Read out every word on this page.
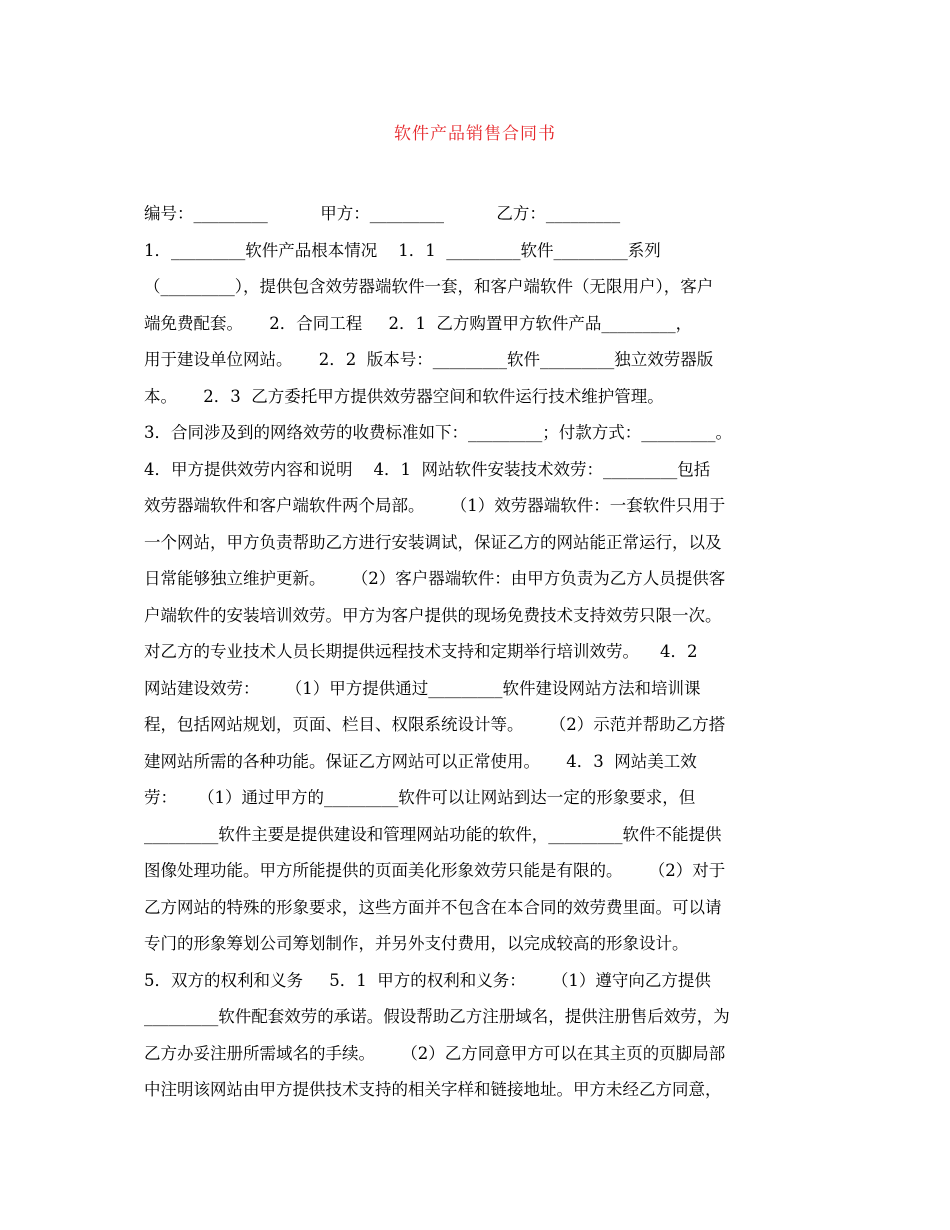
软件产品销售合同书
编号：_________          甲方：_________          乙方：_________
1．_________软件产品根本情况    1．1  _________软件_________系列
（_________），提供包含效劳器端软件一套，和客户端软件（无限用户），客户
端免费配套。     2．合同工程     2．1  乙方购置甲方软件产品_________，
用于建设单位网站。     2．2  版本号：_________软件_________独立效劳器版
本。     2．3  乙方委托甲方提供效劳器空间和软件运行技术维护管理。
3．合同涉及到的网络效劳的收费标准如下：_________；付款方式：_________。
4．甲方提供效劳内容和说明    4．1  网站软件安装技术效劳：_________包括
效劳器端软件和客户端软件两个局部。     （1）效劳器端软件：一套软件只用于
一个网站，甲方负责帮助乙方进行安装调试，保证乙方的网站能正常运行，以及
日常能够独立维护更新。     （2）客户器端软件：由甲方负责为乙方人员提供客
户端软件的安装培训效劳。甲方为客户提供的现场免费技术支持效劳只限一次。
对乙方的专业技术人员长期提供远程技术支持和定期举行培训效劳。    4．2
网站建设效劳：     （1）甲方提供通过_________软件建设网站方法和培训课
程，包括网站规划，页面、栏目、权限系统设计等。     （2）示范并帮助乙方搭
建网站所需的各种功能。保证乙方网站可以正常使用。     4．3  网站美工效
劳：    （1）通过甲方的_________软件可以让网站到达一定的形象要求，但
_________软件主要是提供建设和管理网站功能的软件，_________软件不能提供
图像处理功能。甲方所能提供的页面美化形象效劳只能是有限的。     （2）对于
乙方网站的特殊的形象要求，这些方面并不包含在本合同的效劳费里面。可以请
专门的形象筹划公司筹划制作，并另外支付费用，以完成较高的形象设计。
5．双方的权利和义务     5．1  甲方的权利和义务：     （1）遵守向乙方提供
_________软件配套效劳的承诺。假设帮助乙方注册域名，提供注册售后效劳，为
乙方办妥注册所需域名的手续。     （2）乙方同意甲方可以在其主页的页脚局部
中注明该网站由甲方提供技术支持的相关字样和链接地址。甲方未经乙方同意，
